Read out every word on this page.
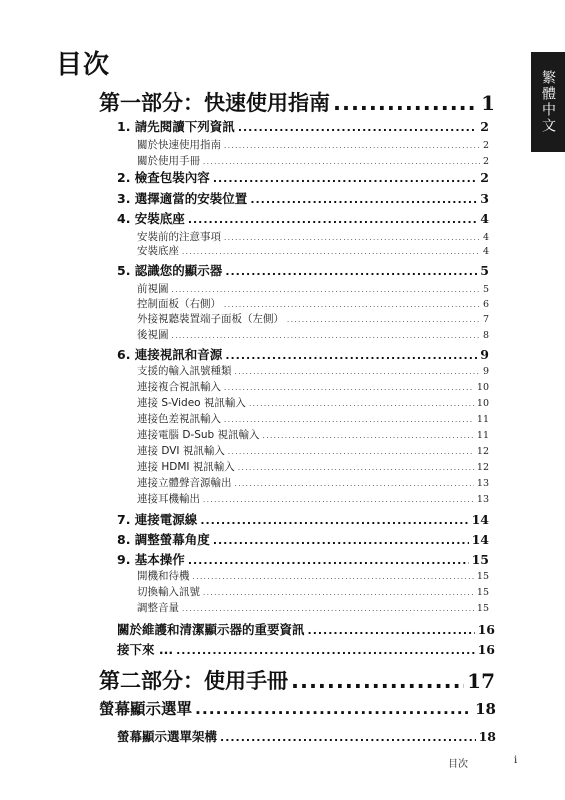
目次
繁體中文
第一部分：快速使用指南 .....	1
1. 請先閱讀下列資訊 .....	2
關於快速使用指南 .....	2
關於使用手冊 .....	2
2. 檢查包裝內容 .....	2
3. 選擇適當的安裝位置 .....	3
4. 安裝底座 .....	4
安裝前的注意事項 .....	4
安裝底座 .....	4
5. 認識您的顯示器 .....	5
前視圖 .....	5
控制面板（右側） .....	6
外接視聽裝置端子面板（左側） .....	7
後視圖 .....	8
6. 連接視訊和音源 .....	9
支援的輸入訊號種類 .....	9
連接複合視訊輸入 .....	10
連接 S-Video 視訊輸入 .....	10
連接色差視訊輸入 .....	11
連接電腦 D-Sub 視訊輸入 .....	11
連接 DVI 視訊輸入 .....	12
連接 HDMI 視訊輸入 .....	12
連接立體聲音源輸出 .....	13
連接耳機輸出 .....	13
7. 連接電源線 .....	14
8. 調整螢幕角度 .....	14
9. 基本操作 .....	15
開機和待機 .....	15
切換輸入訊號 .....	15
調整音量 .....	15
關於維護和清潔顯示器的重要資訊 .....	16
接下來 ... .....	16
第二部分：使用手冊 .....	17
螢幕顯示選單 .....	18
螢幕顯示選單架構 .....	18
目次	i
